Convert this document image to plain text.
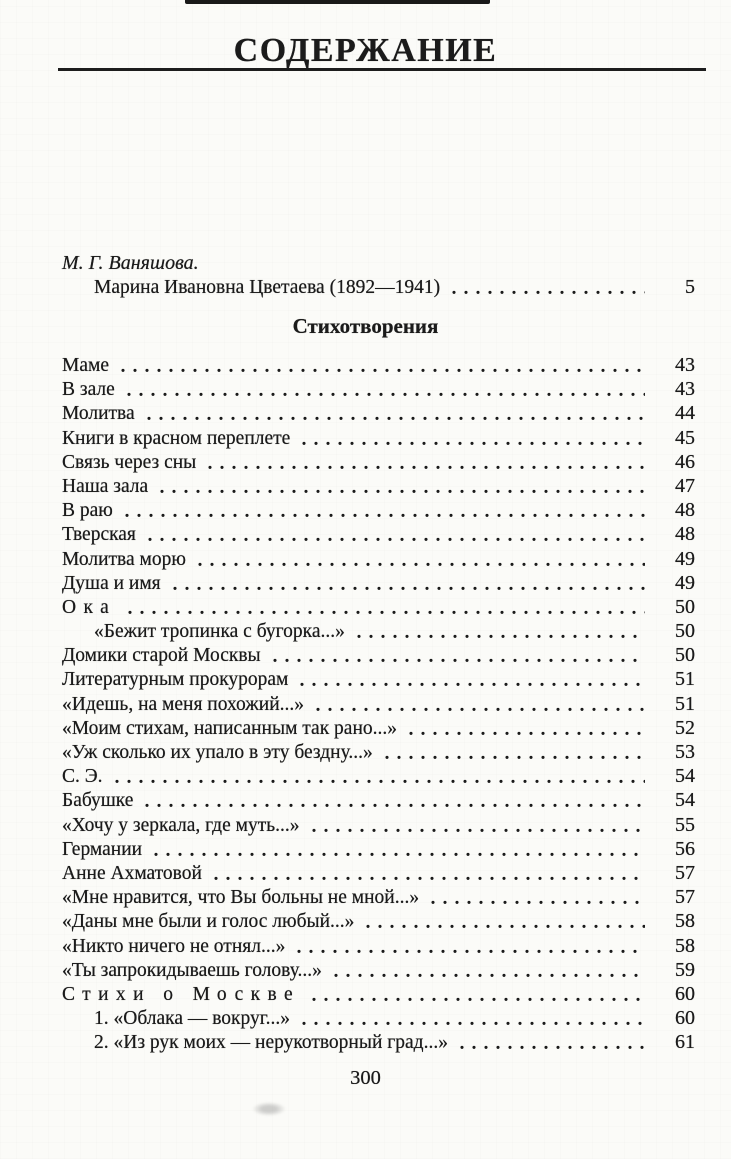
СОДЕРЖАНИЕ
М. Г. Ваняшова.
Марина Ивановна Цветаева (1892—1941)	5
Стихотворения
Маме	43
В зале	43
Молитва	44
Книги в красном переплете	45
Связь через сны	46
Наша зала	47
В раю	48
Тверская	48
Молитва морю	49
Душа и имя	49
Ока	50
«Бежит тропинка с бугорка...»	50
Домики старой Москвы	50
Литературным прокурорам	51
«Идешь, на меня похожий...»	51
«Моим стихам, написанным так рано...»	52
«Уж сколько их упало в эту бездну...»	53
С. Э.	54
Бабушке	54
«Хочу у зеркала, где муть...»	55
Германии	56
Анне Ахматовой	57
«Мне нравится, что Вы больны не мной...»	57
«Даны мне были и голос любый...»	58
«Никто ничего не отнял...»	58
«Ты запрокидываешь голову...»	59
Стихи о Москве	60
1. «Облака — вокруг...»	60
2. «Из рук моих — нерукотворный град...»	61
300
